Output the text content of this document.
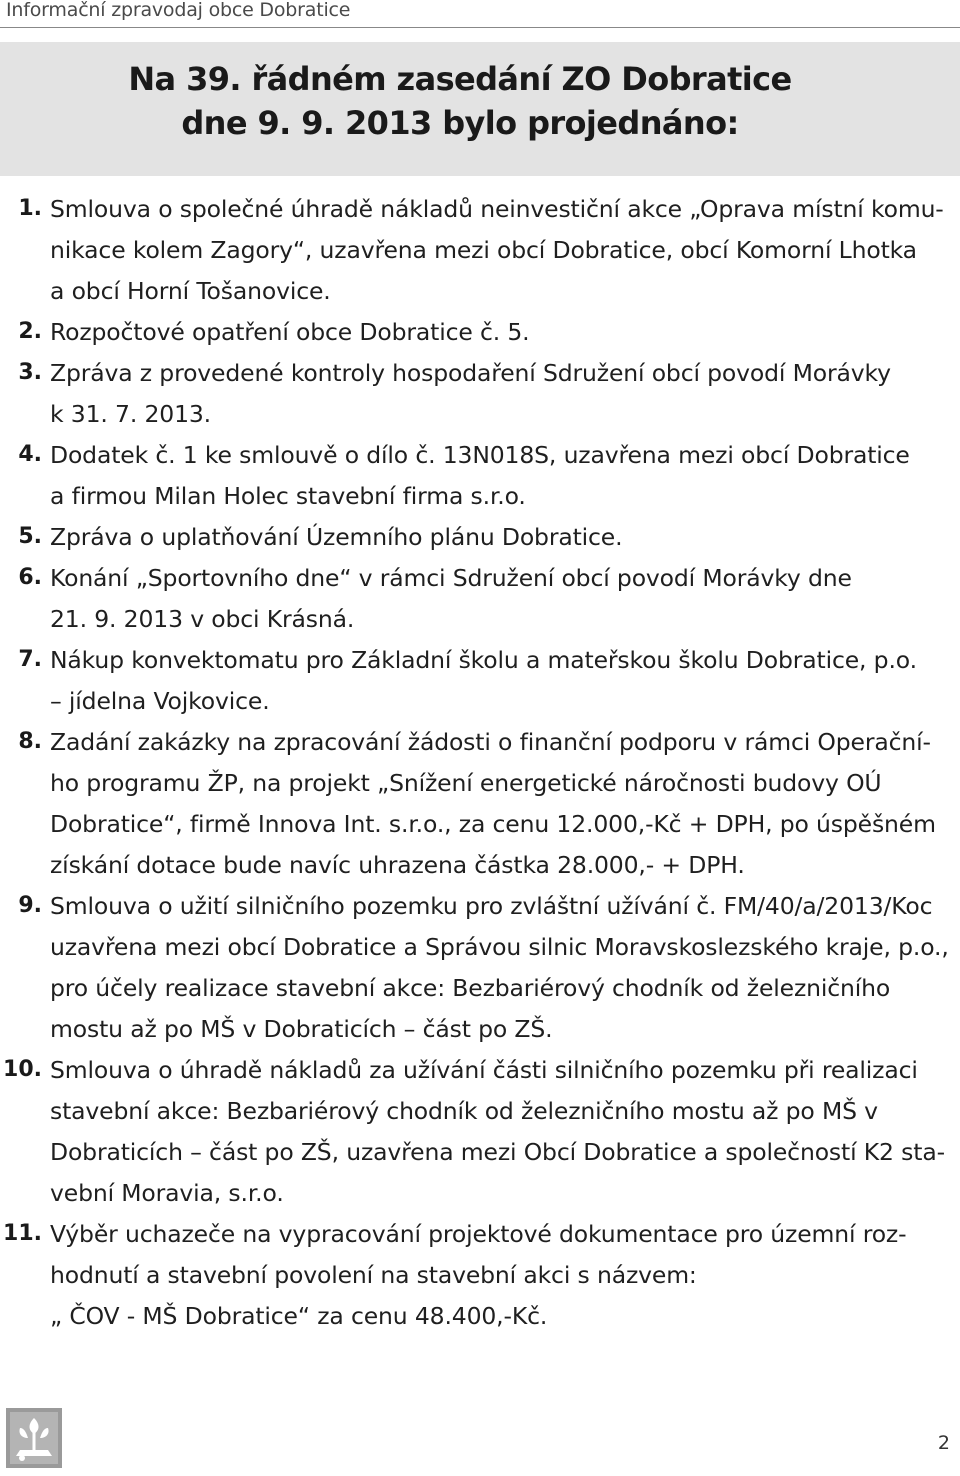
Informační zpravodaj obce Dobratice
Na 39. řádném zasedání ZO Dobratice
dne 9. 9. 2013 bylo projednáno:
1. Smlouva o společné úhradě nákladů neinvestiční akce „Oprava místní komu-
nikace kolem Zagory“, uzavřena mezi obcí Dobratice, obcí Komorní Lhotka
a obcí Horní Tošanovice.
2. Rozpočtové opatření obce Dobratice č. 5.
3. Zpráva z provedené kontroly hospodaření Sdružení obcí povodí Morávky
k 31. 7. 2013.
4. Dodatek č. 1 ke smlouvě o dílo č. 13N018S, uzavřena mezi obcí Dobratice
a firmou Milan Holec stavební firma s.r.o.
5. Zpráva o uplatňování Územního plánu Dobratice.
6. Konání „Sportovního dne“ v rámci Sdružení obcí povodí Morávky dne
21. 9. 2013 v obci Krásná.
7. Nákup konvektomatu pro Základní školu a mateřskou školu Dobratice, p.o.
– jídelna Vojkovice.
8. Zadání zakázky na zpracování žádosti o finanční podporu v rámci Operační-
ho programu ŽP, na projekt „Snížení energetické náročnosti budovy OÚ
Dobratice“, firmě Innova Int. s.r.o., za cenu 12.000,-Kč + DPH, po úspěšném
získání dotace bude navíc uhrazena částka 28.000,- + DPH.
9. Smlouva o užití silničního pozemku pro zvláštní užívání č. FM/40/a/2013/Koc
uzavřena mezi obcí Dobratice a Správou silnic Moravskoslezského kraje, p.o.,
pro účely realizace stavební akce: Bezbariérový chodník od železničního
mostu až po MŠ v Dobraticích – část po ZŠ.
10. Smlouva o úhradě nákladů za užívání části silničního pozemku při realizaci
stavební akce: Bezbariérový chodník od železničního mostu až po MŠ v
Dobraticích – část po ZŠ, uzavřena mezi Obcí Dobratice a společností K2 sta-
vební Moravia, s.r.o.
11. Výběr uchazeče na vypracování projektové dokumentace pro územní roz-
hodnutí a stavební povolení na stavební akci s názvem:
„ ČOV - MŠ Dobratice“ za cenu 48.400,-Kč.
2
